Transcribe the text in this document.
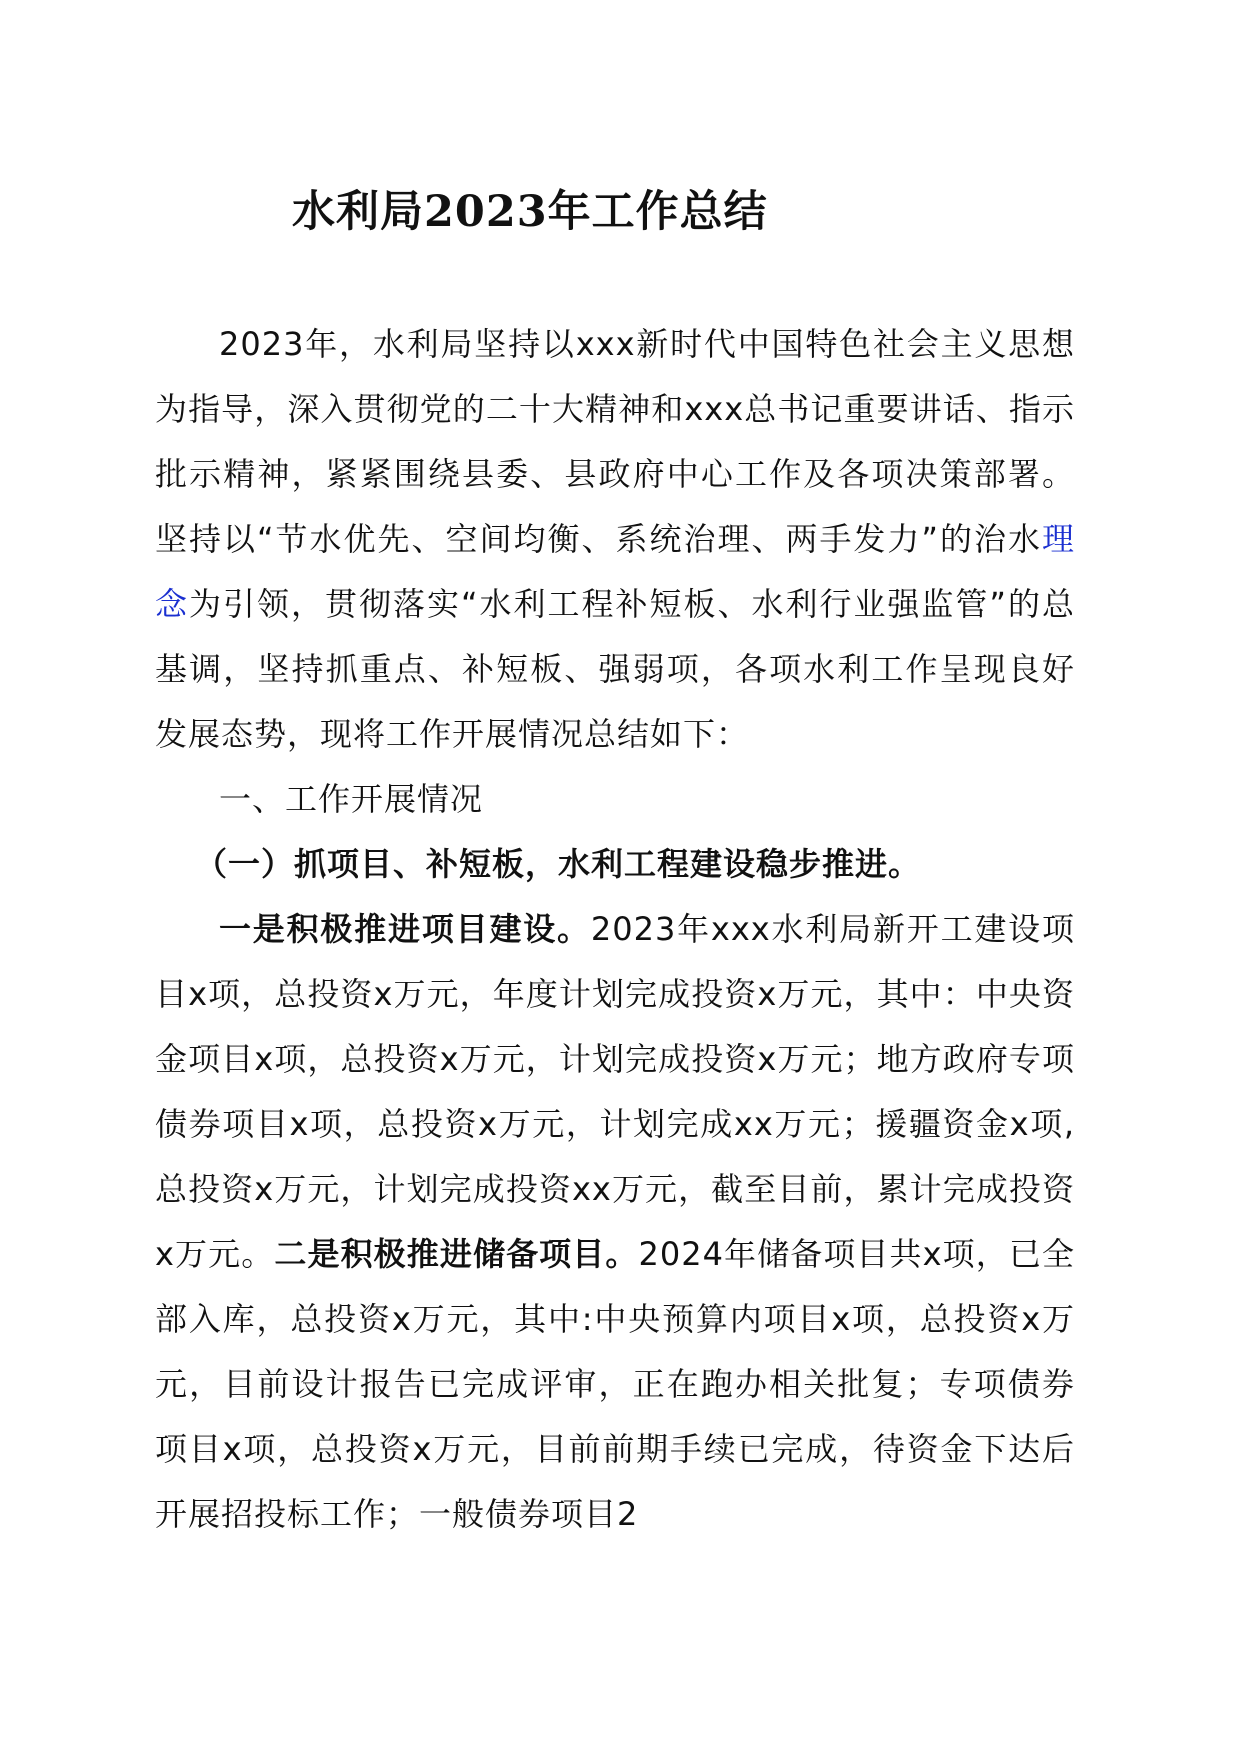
水利局2023年工作总结

2023年，水利局坚持以xxx新时代中国特色社会主义思想为指导，深入贯彻党的二十大精神和xxx总书记重要讲话、指示批示精神，紧紧围绕县委、县政府中心工作及各项决策部署。坚持以“节水优先、空间均衡、系统治理、两手发力”的治水理念为引领，贯彻落实“水利工程补短板、水利行业强监管”的总基调，坚持抓重点、补短板、强弱项，各项水利工作呈现良好发展态势，现将工作开展情况总结如下：

一、工作开展情况

（一）抓项目、补短板，水利工程建设稳步推进。

一是积极推进项目建设。2023年xxx水利局新开工建设项目x项，总投资x万元，年度计划完成投资x万元，其中：中央资金项目x项，总投资x万元，计划完成投资x万元；地方政府专项债券项目x项，总投资x万元，计划完成xx万元；援疆资金x项,总投资x万元，计划完成投资xx万元，截至目前，累计完成投资x万元。二是积极推进储备项目。2024年储备项目共x项，已全部入库，总投资x万元，其中:中央预算内项目x项，总投资x万元，目前设计报告已完成评审，正在跑办相关批复；专项债券项目x项，总投资x万元，目前前期手续已完成，待资金下达后开展招投标工作；一般债券项目2
